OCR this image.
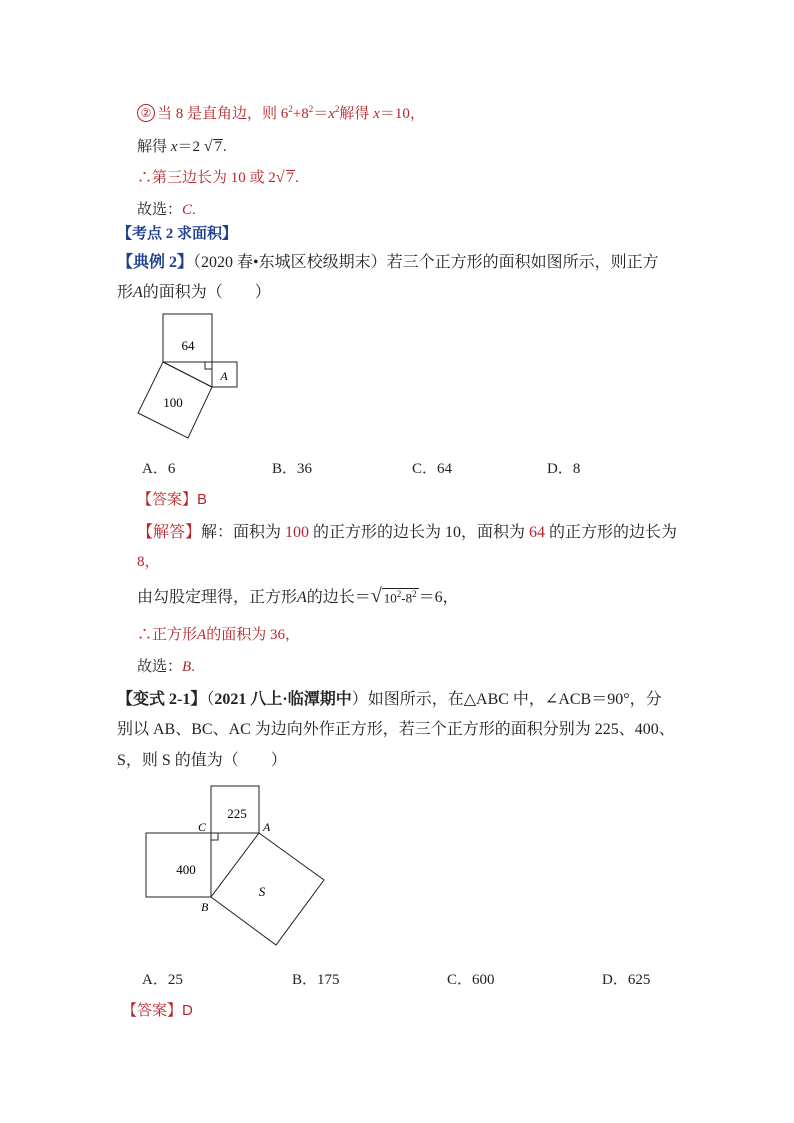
② 当 8 是直角边，则 $6^2+8^2=x^2$解得 x＝10，
解得 x＝2 √ 7.
∴第三边长为 10 或 2√ 7.
故选：C.
【考点 2 求面积】
【典例 2】（2020 春•东城区校级期末）若三个正方形的面积如图所示，则正方
形A的面积为（　　）
64
A
100
A．6	B．36	C．64	D．8
【答案】B
【解答】解：面积为 100 的正方形的边长为 10，面积为 64 的正方形的边长为
8，
由勾股定理得，正方形A的边长＝√ $10^2-8^2 =6$，
∴正方形A的面积为 36，
故选：B.
【变式 2-1】（2021 八上·临潭期中）如图所示，在△ABC 中，∠ACB＝90°，分
别以 AB、BC、AC 为边向外作正方形，若三个正方形的面积分别为 225、400、
S，则 S 的值为（　　）
225
400
S
C	A
B
A．25	B．175	C．600	D．625
【答案】D
